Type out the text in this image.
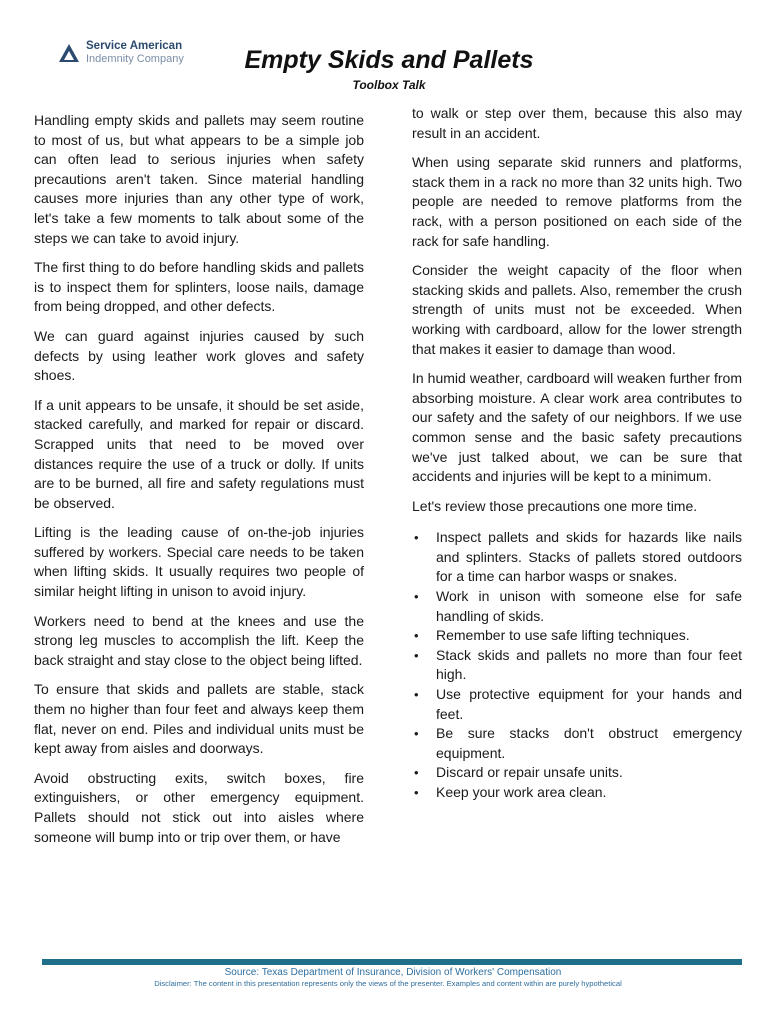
Service American
Indemnity Company	Empty Skids and Pallets
Toolbox Talk

Handling empty skids and pallets may seem routine to most of us, but what appears to be a simple job can often lead to serious injuries when safety precautions aren't taken. Since material handling causes more injuries than any other type of work, let's take a few moments to talk about some of the steps we can take to avoid injury.

The first thing to do before handling skids and pallets is to inspect them for splinters, loose nails, damage from being dropped, and other defects.

We can guard against injuries caused by such defects by using leather work gloves and safety shoes.

If a unit appears to be unsafe, it should be set aside, stacked carefully, and marked for repair or discard. Scrapped units that need to be moved over distances require the use of a truck or dolly. If units are to be burned, all fire and safety regulations must be observed.

Lifting is the leading cause of on-the-job injuries suffered by workers. Special care needs to be taken when lifting skids. It usually requires two people of similar height lifting in unison to avoid injury.

Workers need to bend at the knees and use the strong leg muscles to accomplish the lift. Keep the back straight and stay close to the object being lifted.

To ensure that skids and pallets are stable, stack them no higher than four feet and always keep them flat, never on end. Piles and individual units must be kept away from aisles and doorways.

Avoid obstructing exits, switch boxes, fire extinguishers, or other emergency equipment. Pallets should not stick out into aisles where someone will bump into or trip over them, or have

to walk or step over them, because this also may result in an accident.

When using separate skid runners and platforms, stack them in a rack no more than 32 units high. Two people are needed to remove platforms from the rack, with a person positioned on each side of the rack for safe handling.

Consider the weight capacity of the floor when stacking skids and pallets. Also, remember the crush strength of units must not be exceeded. When working with cardboard, allow for the lower strength that makes it easier to damage than wood.

In humid weather, cardboard will weaken further from absorbing moisture. A clear work area contributes to our safety and the safety of our neighbors. If we use common sense and the basic safety precautions we've just talked about, we can be sure that accidents and injuries will be kept to a minimum.

Let's review those precautions one more time.

• Inspect pallets and skids for hazards like nails and splinters. Stacks of pallets stored outdoors for a time can harbor wasps or snakes.
• Work in unison with someone else for safe handling of skids.
• Remember to use safe lifting techniques.
• Stack skids and pallets no more than four feet high.
• Use protective equipment for your hands and feet.
• Be sure stacks don't obstruct emergency equipment.
• Discard or repair unsafe units.
• Keep your work area clean.
Source: Texas Department of Insurance, Division of Workers' Compensation
Disclaimer: The content in this presentation represents only the views of the presenter. Examples and content within are purely hypothetical
